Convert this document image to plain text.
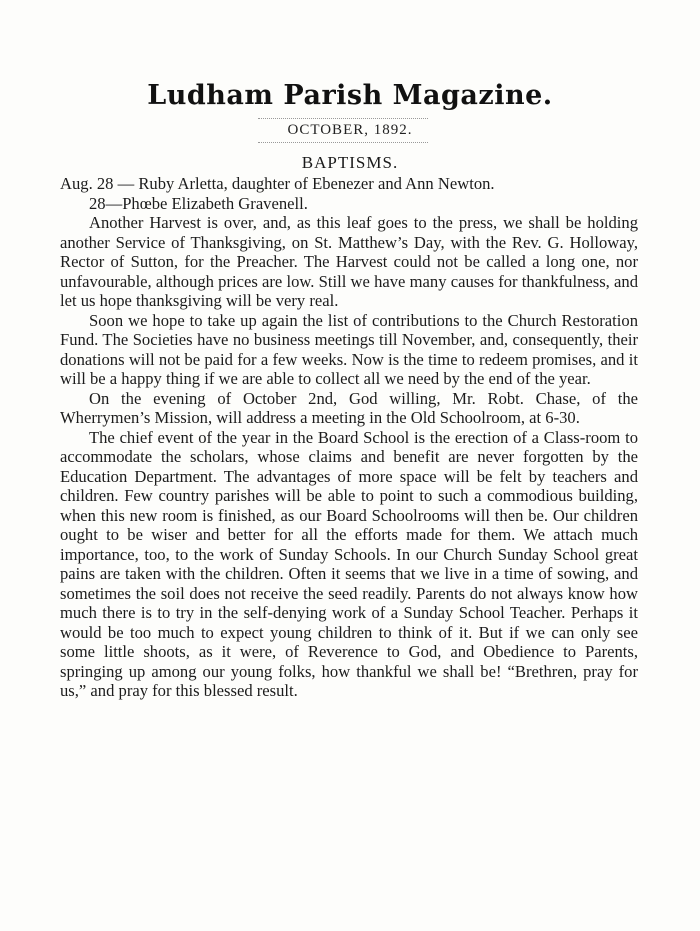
Ludham Parish Magazine.
OCTOBER, 1892.
BAPTISMS.

Aug. 28 — Ruby Arletta, daughter of Ebenezer and Ann Newton.

28—Phœbe Elizabeth Gravenell.

Another Harvest is over, and, as this leaf goes to the press, we shall be holding another Service of Thanksgiving, on St. Matthew’s Day, with the Rev. G. Holloway, Rector of Sutton, for the Preacher. The Harvest could not be called a long one, nor unfavourable, although prices are low. Still we have many causes for thankfulness, and let us hope thanksgiving will be very real.

Soon we hope to take up again the list of contributions to the Church Restoration Fund. The Societies have no business meetings till November, and, consequently, their donations will not be paid for a few weeks. Now is the time to redeem promises, and it will be a happy thing if we are able to collect all we need by the end of the year.

On the evening of October 2nd, God willing, Mr. Robt. Chase, of the Wherrymen’s Mission, will address a meeting in the Old Schoolroom, at 6-30.

The chief event of the year in the Board School is the erection of a Class-room to accommodate the scholars, whose claims and benefit are never forgotten by the Education Department. The advantages of more space will be felt by teachers and children. Few country parishes will be able to point to such a commodious building, when this new room is finished, as our Board Schoolrooms will then be. Our children ought to be wiser and better for all the efforts made for them. We attach much importance, too, to the work of Sunday Schools. In our Church Sunday School great pains are taken with the children. Often it seems that we live in a time of sowing, and sometimes the soil does not receive the seed readily. Parents do not always know how much there is to try in the self-denying work of a Sunday School Teacher. Perhaps it would be too much to expect young children to think of it. But if we can only see some little shoots, as it were, of Reverence to God, and Obedience to Parents, springing up among our young folks, how thankful we shall be! “Brethren, pray for us,” and pray for this blessed result.
